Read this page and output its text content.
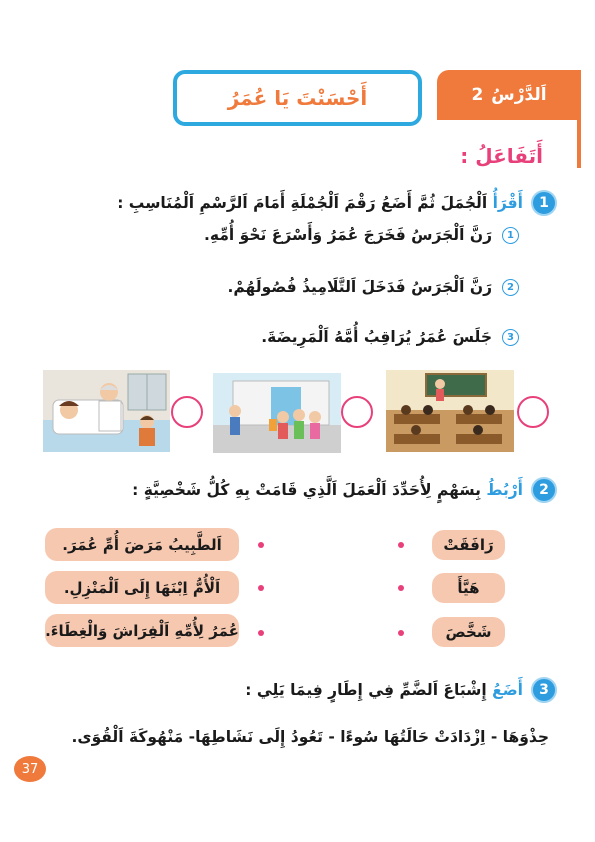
أَحْسَنْتَ يَا عُمَرُ	اَلدَّرْسُ
2
أَتَفَاعَلُ :
1
أَقْرَأُ اَلْجُمَلَ ثُمَّ أَضَعُ رَقْمَ اَلْجُمْلَةِ أَمَامَ اَلرَّسْمِ اَلْمُنَاسِبِ :
1
رَنَّ اَلْجَرَسُ فَخَرَجَ عُمَرُ وَأَسْرَعَ نَحْوَ أُمِّهِ.
2
رَنَّ اَلْجَرَسُ فَدَخَلَ اَلتَّلَامِيذُ فُصُولَهُمْ.
3
جَلَسَ عُمَرُ يُرَاقِبُ أُمَّهُ اَلْمَرِيضَةَ.
2
أَرْبُطُ بِسَهْمٍ لِأُحَدِّدَ اَلْعَمَلَ اَلَّذِي قَامَتْ بِهِ كُلُّ شَخْصِيَّةٍ :
اَلطَّبِيبُ مَرَضَ أُمِّ عُمَرَ.
اَلْأُمُّ اِبْنَهَا إِلَى اَلْمَنْزِلِ.
عُمَرُ لِأُمِّهِ اَلْفِرَاشَ وَالْغِطَاءَ.
رَافَقَتْ
هَيَّأَ
شَخَّصَ
3
أَضَعُ إِشْبَاعَ اَلضَّمِّ فِي إِطَارٍ فِيمَا يَلِي :
حِذْوَهَا - اِزْدَادَتْ حَالَتُهَا سُوءًا - تَعُودُ إِلَى نَشَاطِهَا- مَنْهُوكَةَ اَلْقُوَى.
37
